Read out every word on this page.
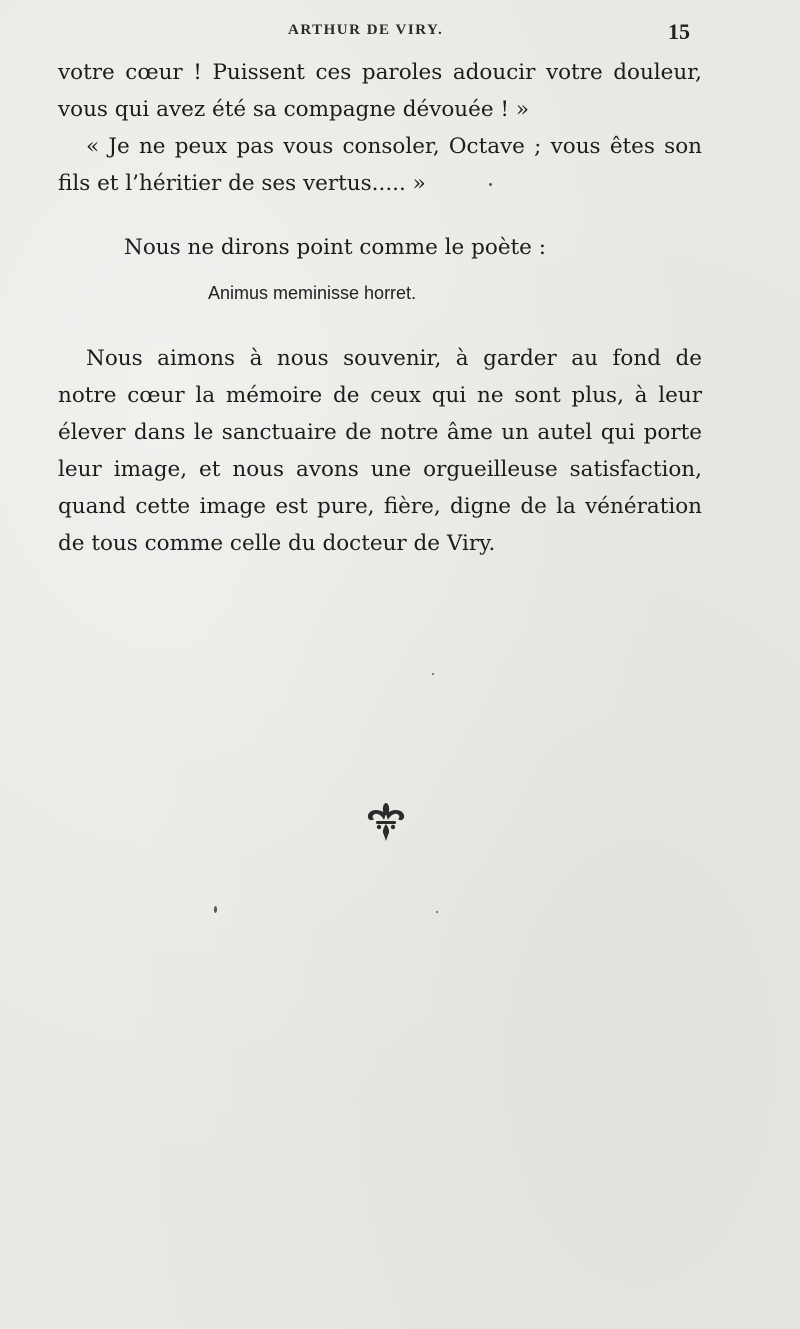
ARTHUR DE VIRY.	15
votre cœur ! Puissent ces paroles adoucir votre douleur,
vous qui avez été sa compagne dévouée ! »
« Je ne peux pas vous consoler, Octave ; vous êtes son
fils et l’héritier de ses vertus..... »
Nous ne dirons point comme le poète :
Animus meminisse horret.
Nous aimons à nous souvenir, à garder au fond de
notre cœur la mémoire de ceux qui ne sont plus, à leur
élever dans le sanctuaire de notre âme un autel qui porte
leur image, et nous avons une orgueilleuse satisfaction,
quand cette image est pure, fière, digne de la vénération
de tous comme celle du docteur de Viry.
